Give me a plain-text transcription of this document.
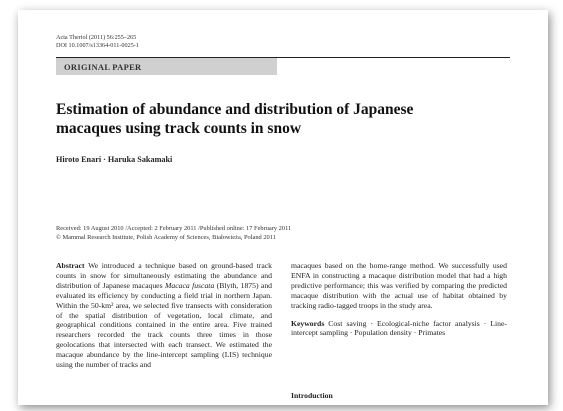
Acta Theriol (2011) 56:255–265
DOI 10.1007/s13364-011-0025-1
ORIGINAL PAPER
Estimation of abundance and distribution of Japanese
macaques using track counts in snow
Hiroto Enari · Haruka Sakamaki
Received: 19 August 2010 /Accepted: 2 February 2011 /Published online: 17 February 2011
© Mammal Research Institute, Polish Academy of Sciences, Białowieża, Poland 2011

Abstract We introduced a technique based on ground-based track counts in snow for simultaneously estimating the abundance and distribution of Japanese macaques Macaca fuscata (Blyth, 1875) and evaluated its efficiency by conducting a field trial in northern Japan. Within the 50-km² area, we selected five transects with consideration of the spatial distribution of vegetation, local climate, and geographical conditions contained in the entire area. Five trained researchers recorded the track counts three times in those geolocations that intersected with each transect. We estimated the macaque abundance by the line-intercept sampling (LIS) technique using the number of tracks and

macaques based on the home-range method. We successfully used ENFA in constructing a macaque distribution model that had a high predictive performance; this was verified by comparing the predicted macaque distribution with the actual use of habitat obtained by tracking radio-tagged troops in the study area.

Keywords Cost saving · Ecological-niche factor analysis · Line-intercept sampling · Population density · Primates

Introduction
